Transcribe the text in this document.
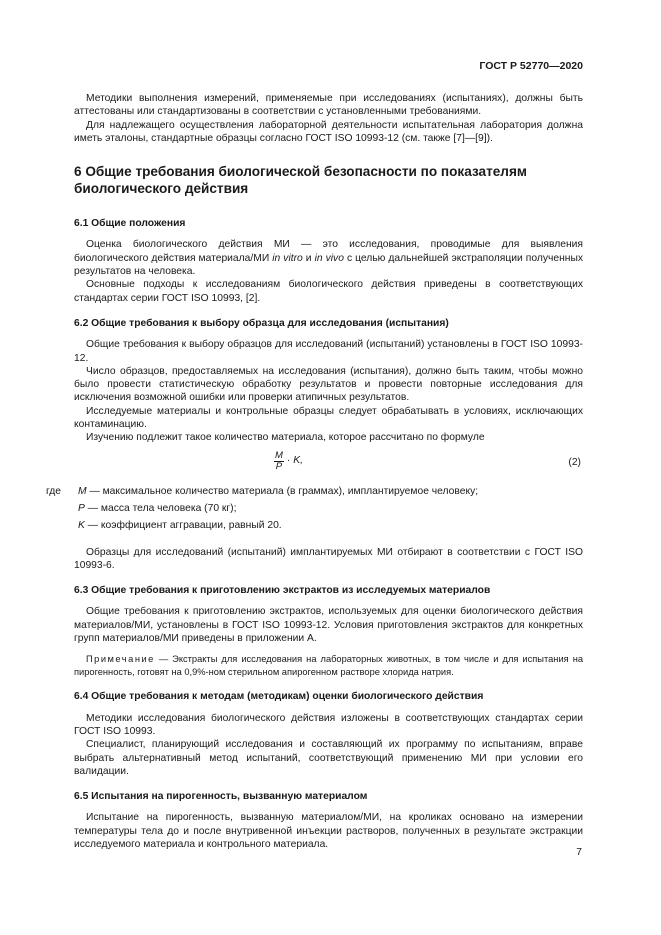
ГОСТ Р 52770—2020

Методики выполнения измерений, применяемые при исследованиях (испытаниях), должны быть аттестованы или стандартизованы в соответствии с установленными требованиями.

Для надлежащего осуществления лабораторной деятельности испытательная лаборатория должна иметь эталоны, стандартные образцы согласно ГОСТ ISO 10993-12 (см. также [7]—[9]).

6 Общие требования биологической безопасности по показателям биологического действия
6.1 Общие положения

Оценка биологического действия МИ — это исследования, проводимые для выявления биологического действия материала/МИ in vitro и in vivo с целью дальнейшей экстраполяции полученных результатов на человека.

Основные подходы к исследованиям биологического действия приведены в соответствующих стандартах серии ГОСТ ISO 10993, [2].

6.2 Общие требования к выбору образца для исследования (испытания)

Общие требования к выбору образцов для исследований (испытаний) установлены в ГОСТ ISO 10993-12.

Число образцов, предоставляемых на исследования (испытания), должно быть таким, чтобы можно было провести статистическую обработку результатов и провести повторные исследования для исключения возможной ошибки или проверки атипичных результатов.

Исследуемые материалы и контрольные образцы следует обрабатывать в условиях, исключающих контаминацию.

Изучению подлежит такое количество материала, которое рассчитано по формуле

$\frac{M}{P} \cdot K$,	(2)
где M — максимальное количество материала (в граммах), имплантируемое человеку;
P — масса тела человека (70 кг);
K — коэффициент аггравации, равный 20.

Образцы для исследований (испытаний) имплантируемых МИ отбирают в соответствии с ГОСТ ISO 10993-6.

6.3 Общие требования к приготовлению экстрактов из исследуемых материалов

Общие требования к приготовлению экстрактов, используемых для оценки биологического действия материалов/МИ, установлены в ГОСТ ISO 10993-12. Условия приготовления экстрактов для конкретных групп материалов/МИ приведены в приложении А.

Примечание — Экстракты для исследования на лабораторных животных, в том числе и для испытания на пирогенность, готовят на 0,9%-ном стерильном апирогенном растворе хлорида натрия.

6.4 Общие требования к методам (методикам) оценки биологического действия

Методики исследования биологического действия изложены в соответствующих стандартах серии ГОСТ ISO 10993.

Специалист, планирующий исследования и составляющий их программу по испытаниям, вправе выбрать альтернативный метод испытаний, соответствующий применению МИ при условии его валидации.

6.5 Испытания на пирогенность, вызванную материалом

Испытание на пирогенность, вызванную материалом/МИ, на кроликах основано на измерении температуры тела до и после внутривенной инъекции растворов, полученных в результате экстракции исследуемого материала и контрольного материала.

7
